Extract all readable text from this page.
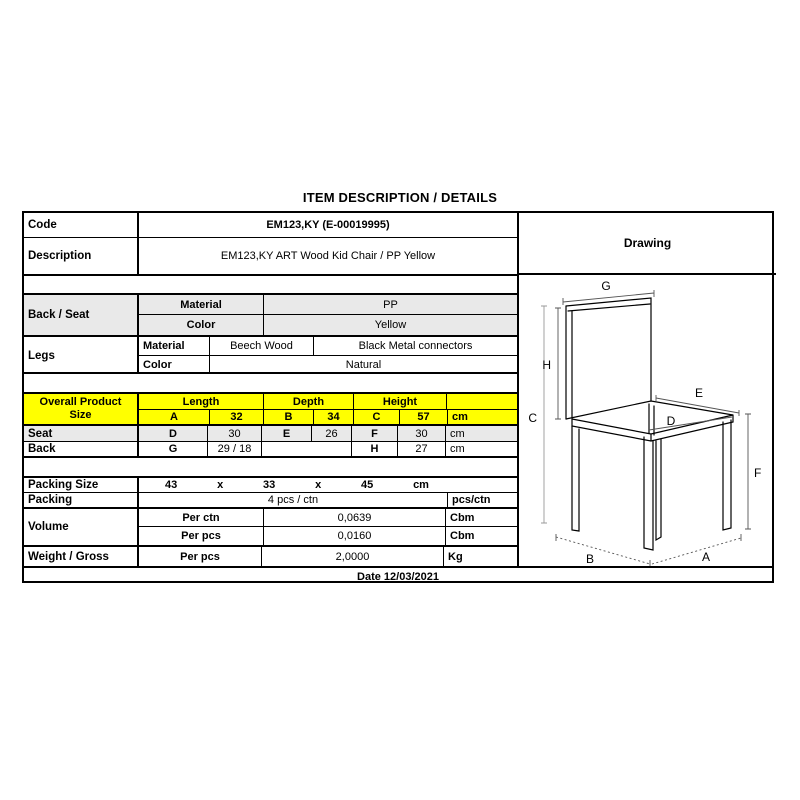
ITEM DESCRIPTION / DETAILS
Code	EM123,KY (E-00019995)
Description	EM123,KY ART Wood Kid Chair / PP Yellow
Back / Seat
Material	PP
Color	Yellow
Legs
Material	Beech Wood	Black Metal connectors
Color	Natural
Overall Product
Size
Length	Depth	Height
A	32	B	34	C	57	cm
Seat	D	30	E	26	F	30	cm
Back	G	29 / 18	H	27	cm
Packing Size	43	x	33	x	45	cm
Packing	4 pcs / ctn	pcs/ctn
Volume
Per ctn	0,0639	Cbm
Per pcs	0,0160	Cbm
Weight / Gross	Per pcs	2,0000	Kg
Drawing
G
H
C
E
D
F
B	A
Date 12/03/2021
